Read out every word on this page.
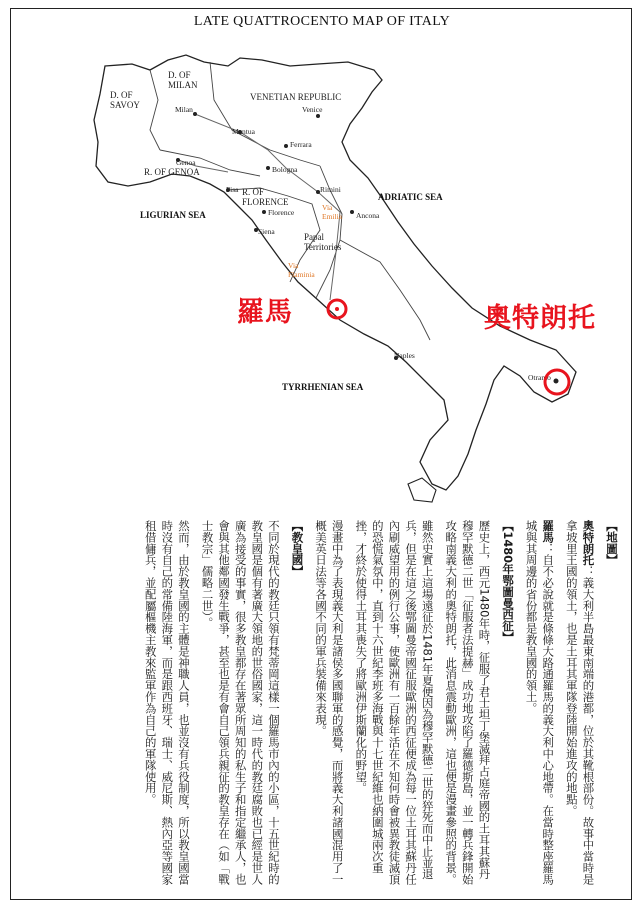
LATE QUATTROCENTO MAP OF ITALY
D. OF MILAN
D. OF SAVOY
VENETIAN REPUBLIC
R. OF GENOA
R. OF FLORENCE
Papal Territories
LIGURIAN SEA
ADRIATIC SEA
TYRRHENIAN SEA
Milan	Venice
Mantua
Ferrara
Genoa
Bologna
Rimini
Pisa
Florence
Siena
Ancona
Naples
Otranto
Via Emilia
Via Flaminia
羅馬	奧特朗托

【地圖】

奧特朗托：義大利半島最東南端的港都，位於其靴根部份。故事中當時是拿坡里王國的領土，也是土耳其軍隊登陸開始進攻的地點。

羅馬：自不必說就是條條大路通羅馬的義大利中心地帶。在當時整座羅馬城與其周邊的省份都是教皇國的領土。

【1480年鄂圖曼西征】

歷史上，西元1480年時，征服了君士坦丁堡滅拜占庭帝國的土耳其蘇丹穆罕默德二世「征服者法提赫」成功地攻陷了羅德斯島，並一轉兵鋒開始攻略南義大利的奧特朗托，此消息震動歐洲，這也便是漫畫參照的背景。

雖然史實上這場遠征於1481年夏便因為穆罕默德二世的猝死而中止並退兵，但是在這之後鄂圖曼帝國征服歐洲的西征便成為每一位土耳其蘇丹任內刷威望用的例行公事，使歐洲有一百餘年活在不知何時會被異教徒滅頂的恐慌氣氛中，直到十六世紀李班多海戰與十七世紀維也納圍城兩次重挫，才終於使得土耳其喪失了將歐洲伊斯蘭化的野望。

漫畫中為了表現義大利是諸侯多國聯軍的感覺，而將義大利諸國混用了一概美英日法等各國不同的軍兵裝備來表現。

【教皇國】

不同於現代的教廷只領有梵蒂岡這樣一個羅馬市內的小區，十五世紀時的教皇國是個有著廣大領地的世俗國家，這一時代的教廷腐敗也已經是世人廣為接受的事實，很多教皇都存在著眾所周知的私生子和指定繼承人，也會與其他鄰國發生戰爭，甚至也是有會自己領兵親征的教皇存在（如「戰士教宗」儒略二世）。

然而，由於教皇國的主體是神職人員，也並沒有兵役制度，所以教皇國當時沒有自己的常備陸海軍，而是跟西班牙、瑞士、威尼斯、熱內亞等國家租借傭兵，並配屬樞機主教來監軍作為自己的軍隊使用。
